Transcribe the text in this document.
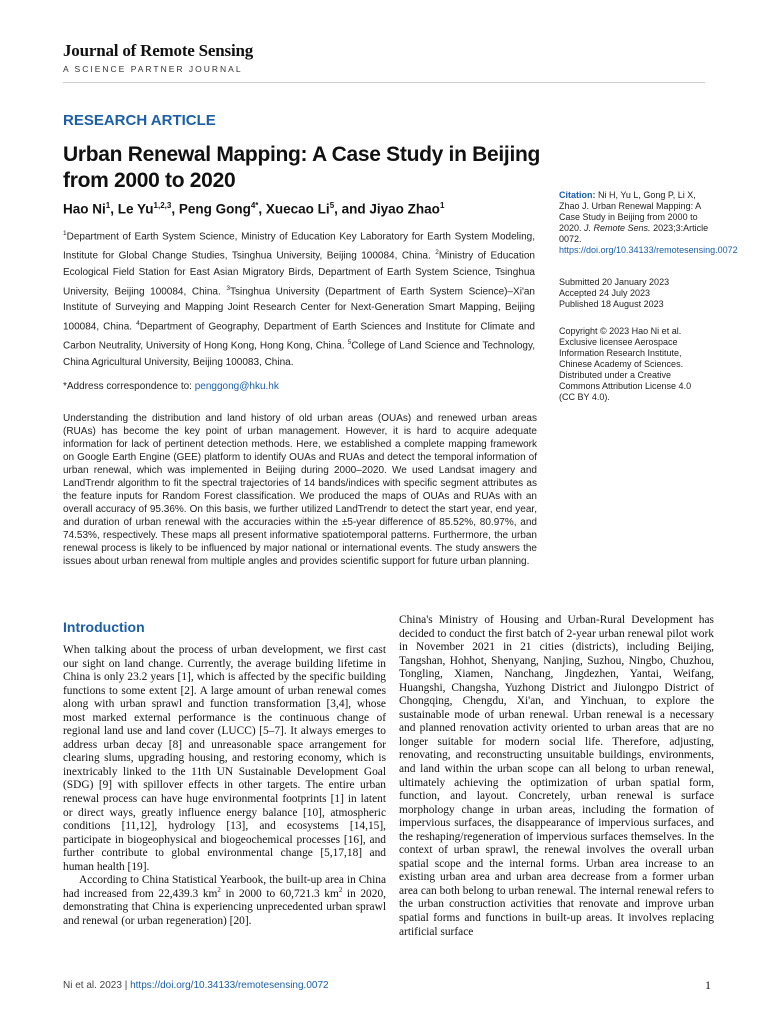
Journal of Remote Sensing
A SCIENCE PARTNER JOURNAL
RESEARCH ARTICLE
Urban Renewal Mapping: A Case Study in Beijing from 2000 to 2020
Hao Ni$^1$, Le Yu$^{1,2,3}$, Peng Gong$^{4*}$, Xuecao Li$^5$, and Jiyao Zhao$^1$
$^1$Department of Earth System Science, Ministry of Education Key Laboratory for Earth System Modeling, Institute for Global Change Studies, Tsinghua University, Beijing 100084, China. $^2$Ministry of Education Ecological Field Station for East Asian Migratory Birds, Department of Earth System Science, Tsinghua University, Beijing 100084, China. $^3$Tsinghua University (Department of Earth System Science)–Xi'an Institute of Surveying and Mapping Joint Research Center for Next-Generation Smart Mapping, Beijing 100084, China. $^4$Department of Geography, Department of Earth Sciences and Institute for Climate and Carbon Neutrality, University of Hong Kong, Hong Kong, China. $^5$College of Land Science and Technology, China Agricultural University, Beijing 100083, China.
*Address correspondence to: penggong@hku.hk
Understanding the distribution and land history of old urban areas (OUAs) and renewed urban areas (RUAs) has become the key point of urban management. However, it is hard to acquire adequate information for lack of pertinent detection methods. Here, we established a complete mapping framework on Google Earth Engine (GEE) platform to identify OUAs and RUAs and detect the temporal information of urban renewal, which was implemented in Beijing during 2000–2020. We used Landsat imagery and LandTrendr algorithm to fit the spectral trajectories of 14 bands/indices with specific segment attributes as the feature inputs for Random Forest classification. We produced the maps of OUAs and RUAs with an overall accuracy of 95.36%. On this basis, we further utilized LandTrendr to detect the start year, end year, and duration of urban renewal with the accuracies within the ±5-year difference of 85.52%, 80.97%, and 74.53%, respectively. These maps all present informative spatiotemporal patterns. Furthermore, the urban renewal process is likely to be influenced by major national or international events. The study answers the issues about urban renewal from multiple angles and provides scientific support for future urban planning.
Citation: Ni H, Yu L, Gong P, Li X, Zhao J. Urban Renewal Mapping: A Case Study in Beijing from 2000 to 2020. J. Remote Sens. 2023;3:Article 0072. https://doi.org/10.34133/remotesensing.0072
Submitted 20 January 2023
Accepted 24 July 2023
Published 18 August 2023
Copyright © 2023 Hao Ni et al. Exclusive licensee Aerospace Information Research Institute, Chinese Academy of Sciences. Distributed under a Creative Commons Attribution License 4.0 (CC BY 4.0).
Introduction

When talking about the process of urban development, we first cast our sight on land change. Currently, the average building lifetime in China is only 23.2 years [1], which is affected by the specific building functions to some extent [2]. A large amount of urban renewal comes along with urban sprawl and function transformation [3,4], whose most marked external performance is the continuous change of regional land use and land cover (LUCC) [5–7]. It always emerges to address urban decay [8] and unreasonable space arrangement for clearing slums, upgrading housing, and restoring economy, which is inextricably linked to the 11th UN Sustainable Development Goal (SDG) [9] with spillover effects in other targets. The entire urban renewal process can have huge environmental footprints [1] in latent or direct ways, greatly influence energy balance [10], atmospheric conditions [11,12], hydrology [13], and ecosystems [14,15], participate in biogeophysical and biogeochemical processes [16], and further contribute to global environmental change [5,17,18] and human health [19].

According to China Statistical Yearbook, the built-up area in China had increased from 22,439.3 $km^2$ in 2000 to 60,721.3 $km^2$ in 2020, demonstrating that China is experiencing unprecedented urban sprawl and renewal (or urban regeneration) [20].

China's Ministry of Housing and Urban-Rural Development has decided to conduct the first batch of 2-year urban renewal pilot work in November 2021 in 21 cities (districts), including Beijing, Tangshan, Hohhot, Shenyang, Nanjing, Suzhou, Ningbo, Chuzhou, Tongling, Xiamen, Nanchang, Jingdezhen, Yantai, Weifang, Huangshi, Changsha, Yuzhong District and Jiulongpo District of Chongqing, Chengdu, Xi'an, and Yinchuan, to explore the sustainable mode of urban renewal. Urban renewal is a necessary and planned renovation activity oriented to urban areas that are no longer suitable for modern social life. Therefore, adjusting, renovating, and reconstructing unsuitable buildings, environments, and land within the urban scope can all belong to urban renewal, ultimately achieving the optimization of urban spatial form, function, and layout. Concretely, urban renewal is surface morphology change in urban areas, including the formation of impervious surfaces, the disappearance of impervious surfaces, and the reshaping/regeneration of impervious surfaces themselves. In the context of urban sprawl, the renewal involves the overall urban spatial scope and the internal forms. Urban area increase to an existing urban area and urban area decrease from a former urban area can both belong to urban renewal. The internal renewal refers to the urban construction activities that renovate and improve urban spatial forms and functions in built-up areas. It involves replacing artificial surface

Ni et al. 2023 | https://doi.org/10.34133/remotesensing.0072	1
